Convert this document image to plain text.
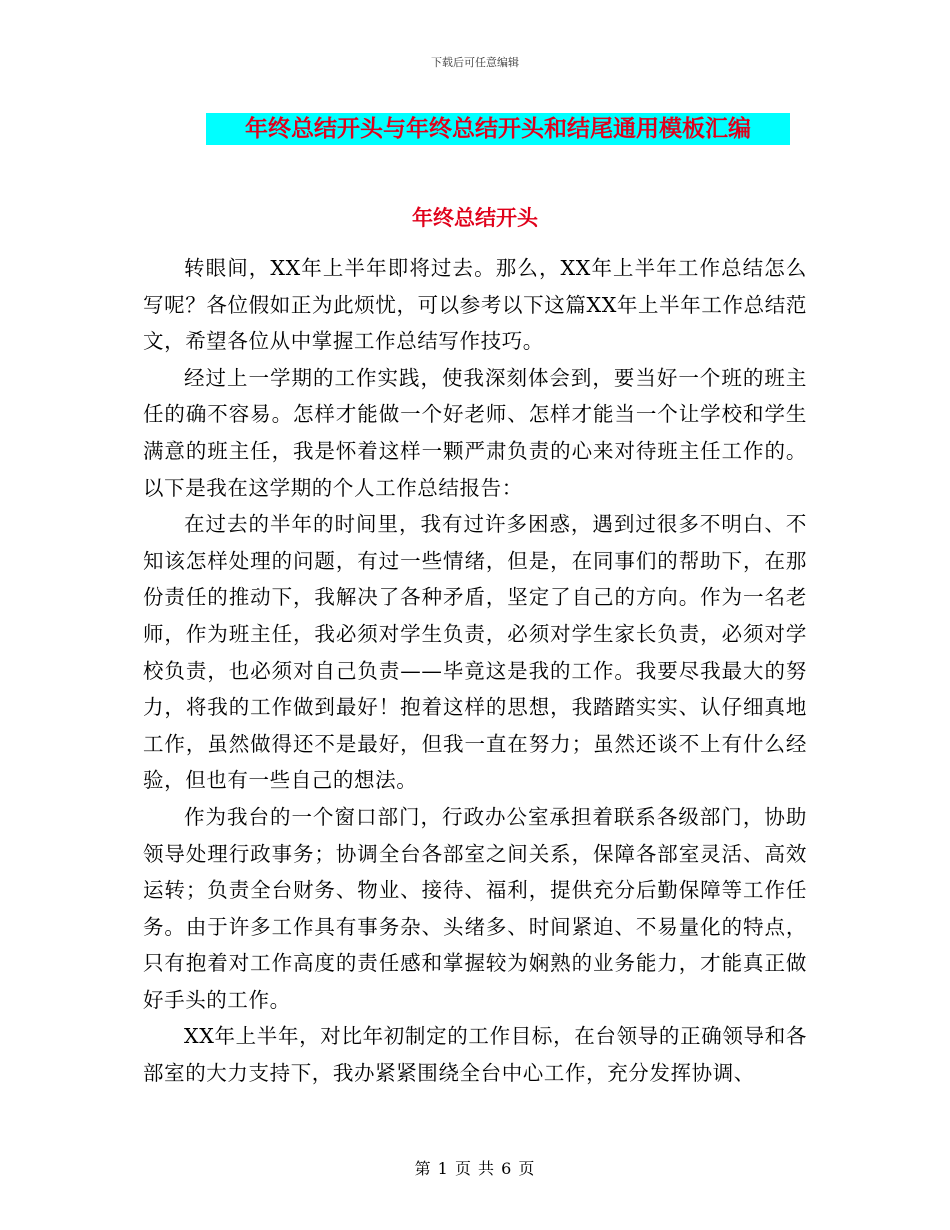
下载后可任意编辑
年终总结开头与年终总结开头和结尾通用模板汇编
年终总结开头

转眼间，XX年上半年即将过去。那么，XX年上半年工作总结怎么写呢？各位假如正为此烦忧，可以参考以下这篇XX年上半年工作总结范文，希望各位从中掌握工作总结写作技巧。

经过上一学期的工作实践，使我深刻体会到，要当好一个班的班主任的确不容易。怎样才能做一个好老师、怎样才能当一个让学校和学生满意的班主任，我是怀着这样一颗严肃负责的心来对待班主任工作的。 以下是我在这学期的个人工作总结报告：

在过去的半年的时间里，我有过许多困惑，遇到过很多不明白、不知该怎样处理的问题，有过一些情绪，但是，在同事们的帮助下，在那份责任的推动下，我解决了各种矛盾，坚定了自己的方向。作为一名老师，作为班主任，我必须对学生负责，必须对学生家长负责，必须对学校负责，也必须对自己负责——毕竟这是我的工作。我要尽我最大的努力，将我的工作做到最好！抱着这样的思想，我踏踏实实、认仔细真地工作，虽然做得还不是最好，但我一直在努力；虽然还谈不上有什么经验，但也有一些自己的想法。

作为我台的一个窗口部门，行政办公室承担着联系各级部门，协助领导处理行政事务；协调全台各部室之间关系，保障各部室灵活、高效运转；负责全台财务、物业、接待、福利，提供充分后勤保障等工作任务。由于许多工作具有事务杂、头绪多、时间紧迫、不易量化的特点，只有抱着对工作高度的责任感和掌握较为娴熟的业务能力，才能真正做好手头的工作。

XX年上半年，对比年初制定的工作目标，在台领导的正确领导和各部室的大力支持下，我办紧紧围绕全台中心工作，充分发挥协调、

第 1 页 共 6 页
